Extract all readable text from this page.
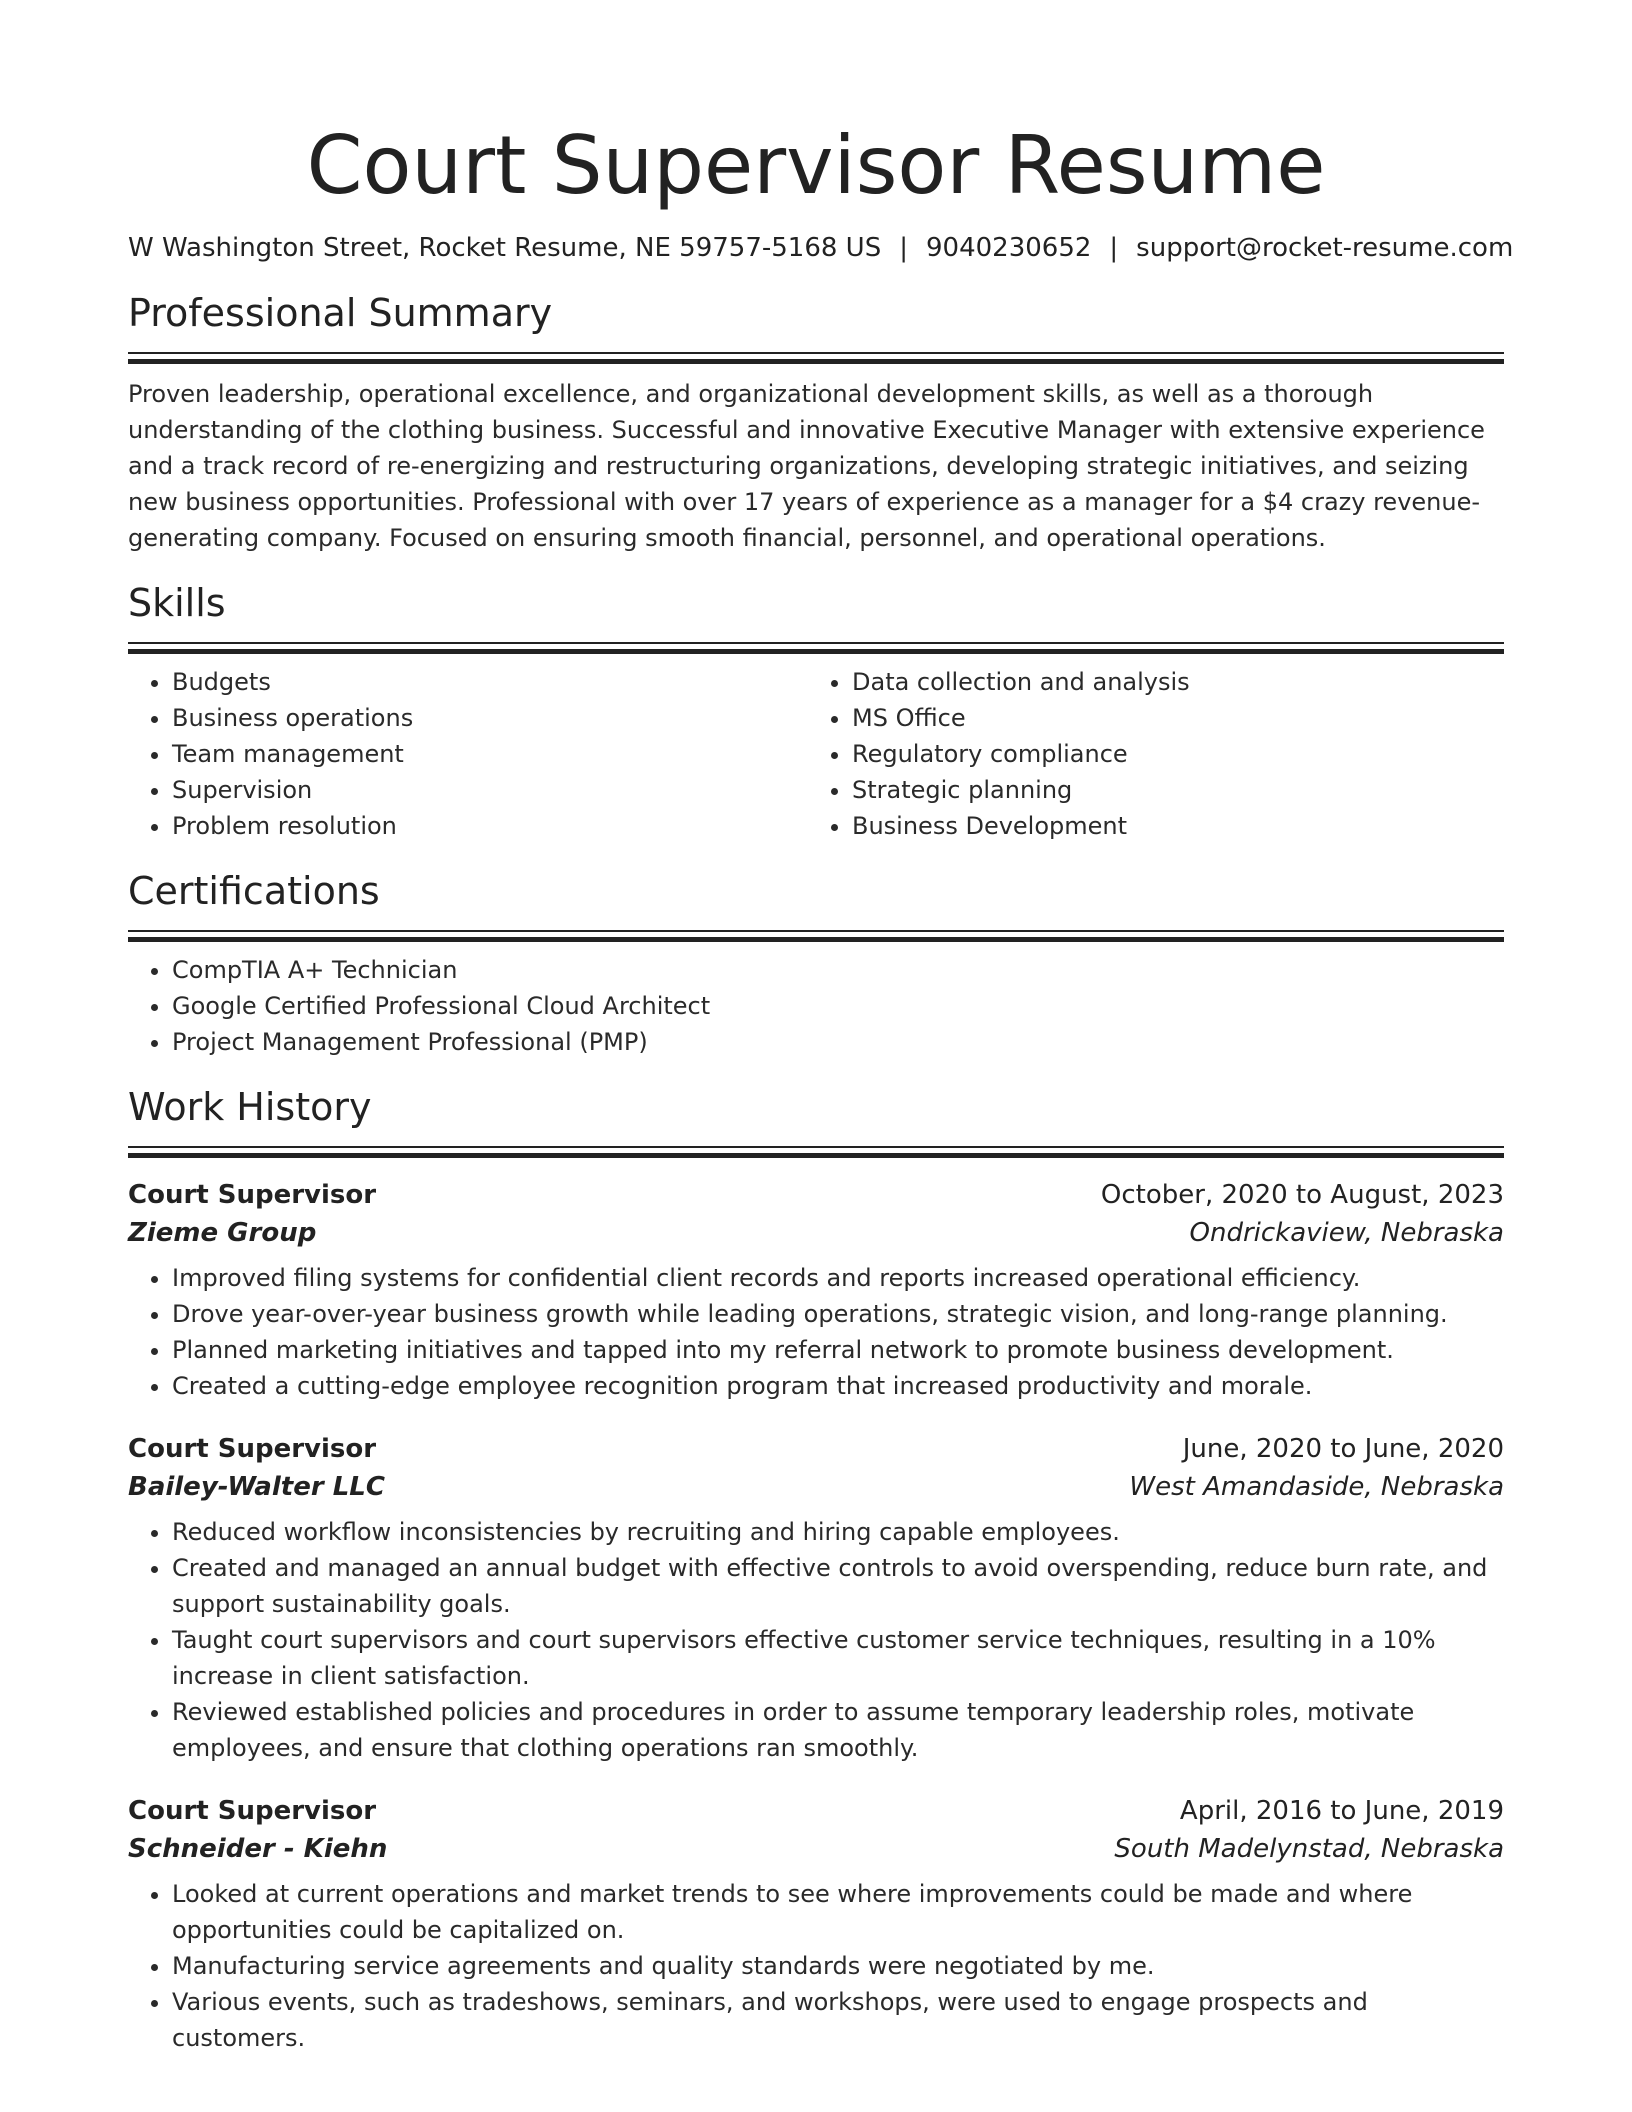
Court Supervisor Resume
W Washington Street, Rocket Resume, NE 59757-5168 US | 9040230652 | support@rocket-resume.com
Professional Summary

Proven leadership, operational excellence, and organizational development skills, as well as a thorough understanding of the clothing business. Successful and innovative Executive Manager with extensive experience and a track record of re-energizing and restructuring organizations, developing strategic initiatives, and seizing new business opportunities. Professional with over 17 years of experience as a manager for a $4 crazy revenue-generating company. Focused on ensuring smooth financial, personnel, and operational operations.

Skills
• Budgets
• Business operations
• Team management
• Supervision
• Problem resolution
• Data collection and analysis
• MS Office
• Regulatory compliance
• Strategic planning
• Business Development
Certifications
• CompTIA A+ Technician
• Google Certified Professional Cloud Architect
• Project Management Professional (PMP)
Work History
Court Supervisor	October, 2020 to August, 2023
Zieme Group	Ondrickaview, Nebraska
• Improved filing systems for confidential client records and reports increased operational efficiency.
• Drove year-over-year business growth while leading operations, strategic vision, and long-range planning.
• Planned marketing initiatives and tapped into my referral network to promote business development.
• Created a cutting-edge employee recognition program that increased productivity and morale.
Court Supervisor	June, 2020 to June, 2020
Bailey-Walter LLC	West Amandaside, Nebraska
• Reduced workflow inconsistencies by recruiting and hiring capable employees.
• Created and managed an annual budget with effective controls to avoid overspending, reduce burn rate, and support sustainability goals.
• Taught court supervisors and court supervisors effective customer service techniques, resulting in a 10% increase in client satisfaction.
• Reviewed established policies and procedures in order to assume temporary leadership roles, motivate employees, and ensure that clothing operations ran smoothly.
Court Supervisor	April, 2016 to June, 2019
Schneider - Kiehn	South Madelynstad, Nebraska
• Looked at current operations and market trends to see where improvements could be made and where opportunities could be capitalized on.
• Manufacturing service agreements and quality standards were negotiated by me.
• Various events, such as tradeshows, seminars, and workshops, were used to engage prospects and customers.
